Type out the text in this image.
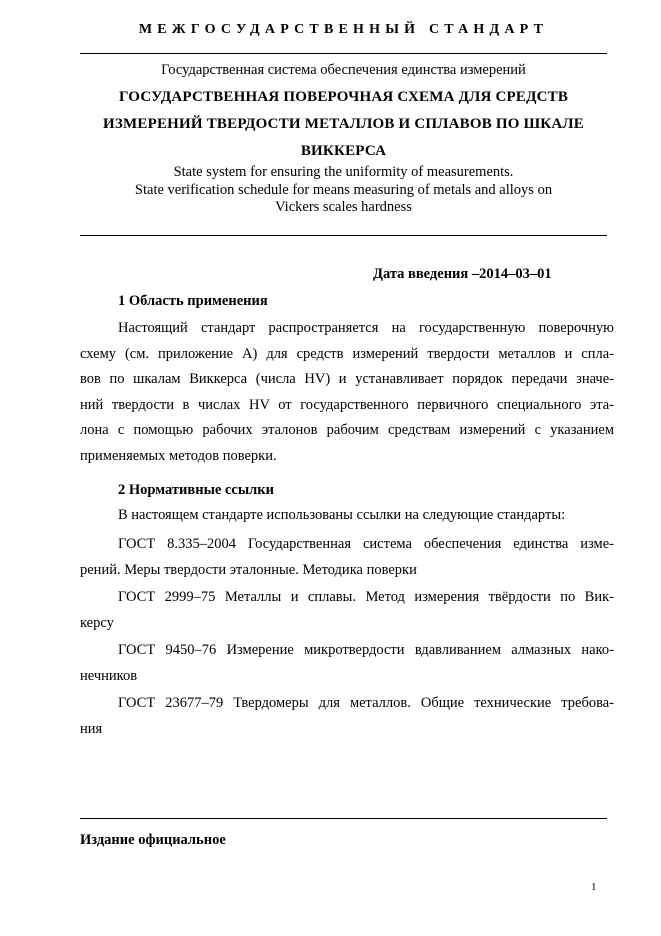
МЕЖГОСУДАРСТВЕННЫЙ СТАНДАРТ
Государственная система обеспечения единства измерений
ГОСУДАРСТВЕННАЯ ПОВЕРОЧНАЯ СХЕМА ДЛЯ СРЕДСТВ
ИЗМЕРЕНИЙ ТВЕРДОСТИ МЕТАЛЛОВ И СПЛАВОВ ПО ШКАЛЕ
ВИККЕРСА
State system for ensuring the uniformity of measurements.
State verification schedule for means measuring of metals and alloys on
Vickers scales hardness
Дата введения –2014–03–01
1 Область применения
Настоящий стандарт распространяется на государственную поверочную
схему (см. приложение А) для средств измерений твердости металлов и спла-
вов по шкалам Виккерса (числа HV) и устанавливает порядок передачи значе-
ний твердости в числах HV от государственного первичного специального эта-
лона с помощью рабочих эталонов рабочим средствам измерений с указанием
применяемых методов поверки.
2 Нормативные ссылки
В настоящем стандарте использованы ссылки на следующие стандарты:
ГОСТ 8.335–2004 Государственная система обеспечения единства изме-
рений. Меры твердости эталонные. Методика поверки
ГОСТ 2999–75 Металлы и сплавы. Метод измерения твёрдости по Вик-
керсу
ГОСТ 9450–76 Измерение микротвердости вдавливанием алмазных нако-
нечников
ГОСТ 23677–79 Твердомеры для металлов. Общие технические требова-
ния
Издание официальное
1
